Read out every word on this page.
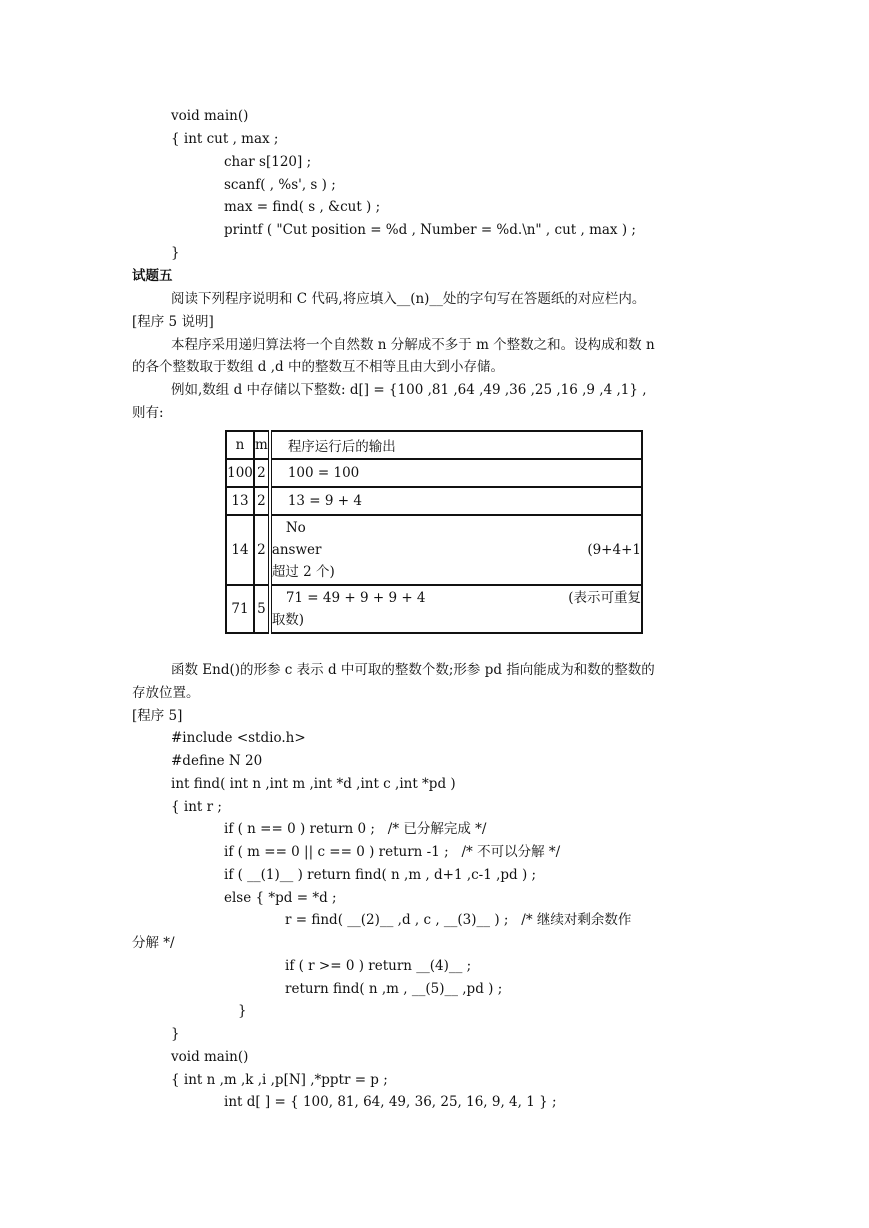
void main()
{ int cut , max ;
char s[120] ;
scanf( , %s', s ) ;
max = find( s , &cut ) ;
printf ( "Cut position = %d , Number = %d.\n" , cut , max ) ;
}
试题五
阅读下列程序说明和 C 代码,将应填入__(n)__处的字句写在答题纸的对应栏内。
[程序 5 说明]
本程序采用递归算法将一个自然数 n 分解成不多于 m 个整数之和。设构成和数 n
的各个整数取于数组 d ,d 中的整数互不相等且由大到小存储。
例如,数组 d 中存储以下整数: d[] = {100 ,81 ,64 ,49 ,36 ,25 ,16 ,9 ,4 ,1} ,
则有:
n	m	程序运行后的输出
100	2	100 = 100
13	2	13 = 9 + 4
14	2	No
answer (9+4+1
超过 2 个)

71	5	71 = 49 + 9 + 9 + 4 (表示可重复
取数)
函数 End()的形参 c 表示 d 中可取的整数个数;形参 pd 指向能成为和数的整数的
存放位置。
[程序 5]
#include <stdio.h>
#define N 20
int find( int n ,int m ,int *d ,int c ,int *pd )
{ int r ;
if ( n == 0 ) return 0 ;   /* 已分解完成 */
if ( m == 0 || c == 0 ) return -1 ;   /* 不可以分解 */
if ( __(1)__ ) return find( n ,m , d+1 ,c-1 ,pd ) ;
else { *pd = *d ;
r = find( __(2)__ ,d , c , __(3)__ ) ;   /* 继续对剩余数作
分解 */
if ( r >= 0 ) return __(4)__ ;
return find( n ,m , __(5)__ ,pd ) ;
}
}
void main()
{ int n ,m ,k ,i ,p[N] ,*pptr = p ;
int d[ ] = { 100, 81, 64, 49, 36, 25, 16, 9, 4, 1 } ;
